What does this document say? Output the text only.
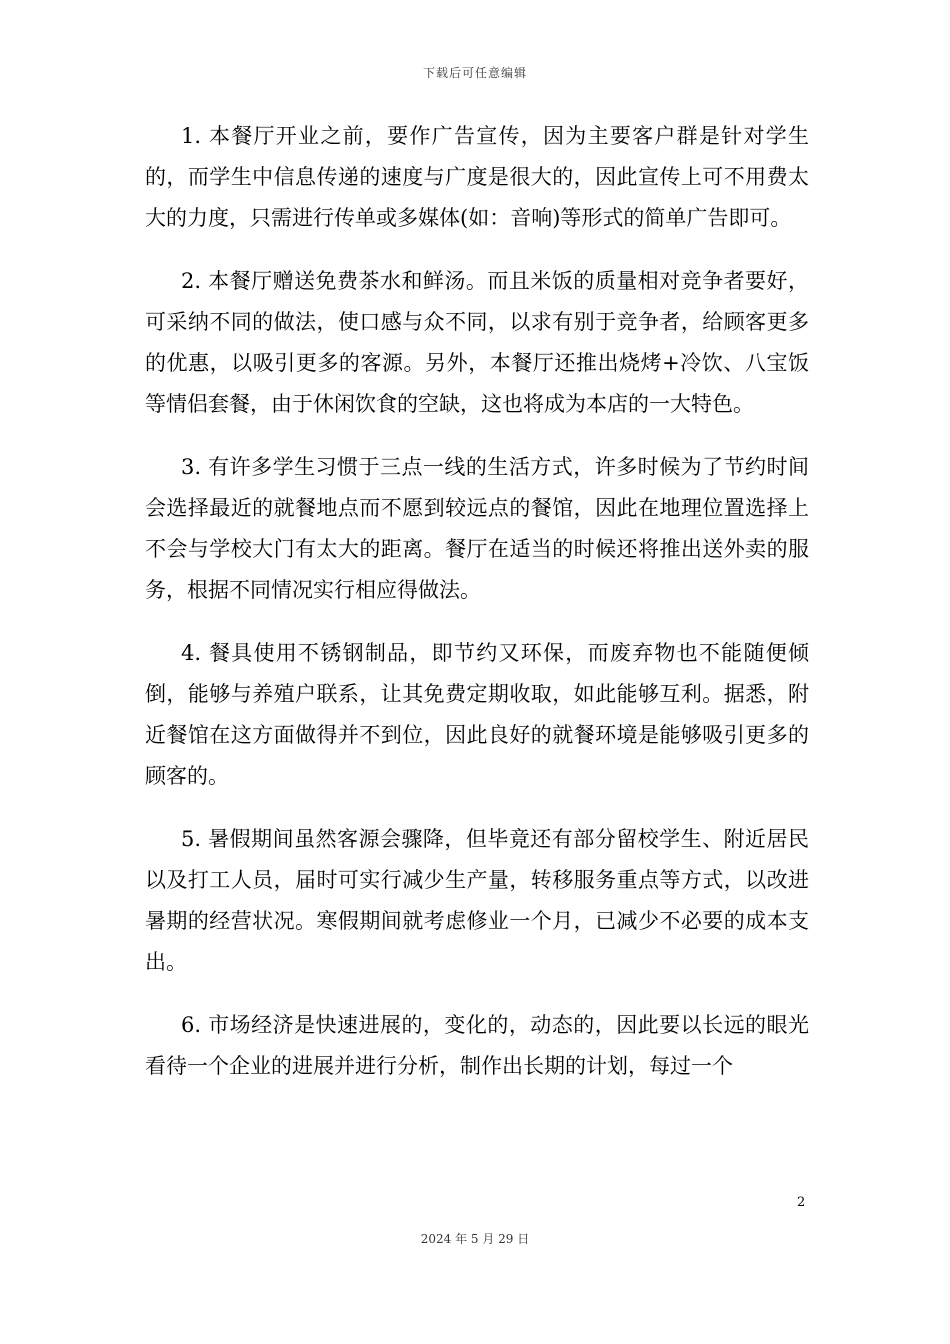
下载后可任意编辑

1. 本餐厅开业之前，要作广告宣传，因为主要客户群是针对学生的，而学生中信息传递的速度与广度是很大的，因此宣传上可不用费太大的力度，只需进行传单或多媒体(如：音响)等形式的简单广告即可。

2. 本餐厅赠送免费茶水和鲜汤。而且米饭的质量相对竞争者要好，可采纳不同的做法，使口感与众不同，以求有别于竞争者，给顾客更多的优惠，以吸引更多的客源。另外，本餐厅还推出烧烤+冷饮、八宝饭等情侣套餐，由于休闲饮食的空缺，这也将成为本店的一大特色。

3. 有许多学生习惯于三点一线的生活方式，许多时候为了节约时间会选择最近的就餐地点而不愿到较远点的餐馆，因此在地理位置选择上不会与学校大门有太大的距离。餐厅在适当的时候还将推出送外卖的服务，根据不同情况实行相应得做法。

4. 餐具使用不锈钢制品，即节约又环保，而废弃物也不能随便倾倒，能够与养殖户联系，让其免费定期收取，如此能够互利。据悉，附近餐馆在这方面做得并不到位，因此良好的就餐环境是能够吸引更多的顾客的。

5. 暑假期间虽然客源会骤降，但毕竟还有部分留校学生、附近居民以及打工人员，届时可实行减少生产量，转移服务重点等方式，以改进暑期的经营状况。寒假期间就考虑修业一个月，已减少不必要的成本支出。

6. 市场经济是快速进展的，变化的，动态的，因此要以长远的眼光看待一个企业的进展并进行分析，制作出长期的计划，每过一个

2
2024 年 5 月 29 日
